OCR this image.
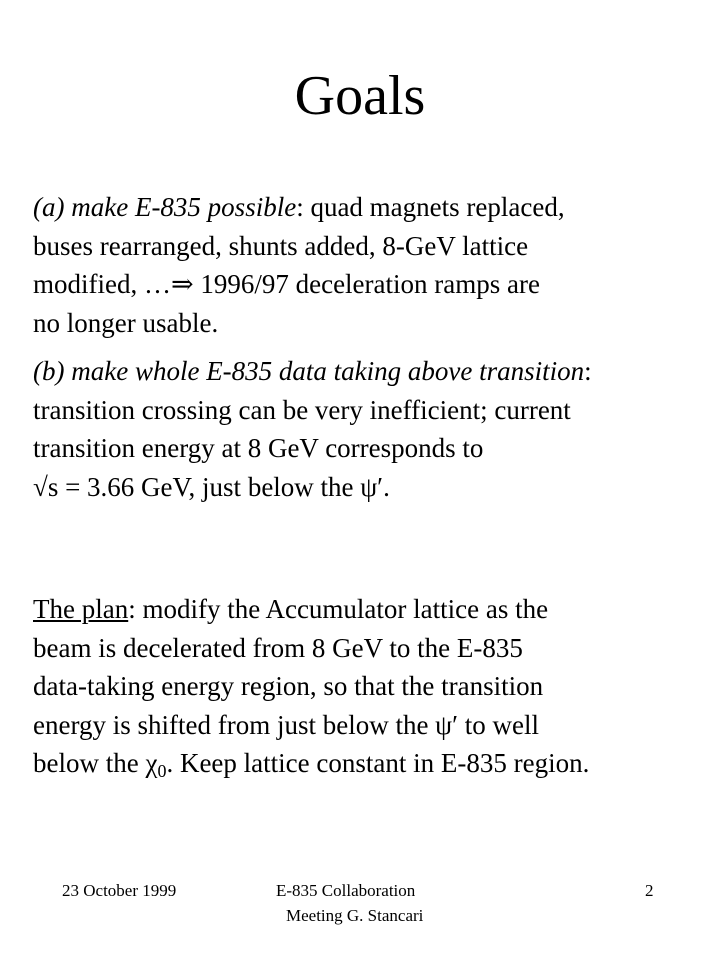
Goals

(a) make E-835 possible: quad magnets replaced,
buses rearranged, shunts added, 8-GeV lattice
modified, …⇒ 1996/97 deceleration ramps are
no longer usable.

(b) make whole E-835 data taking above transition:
transition crossing can be very inefficient; current
transition energy at 8 GeV corresponds to
√s = 3.66 GeV, just below the ψ′.

The plan: modify the Accumulator lattice as the
beam is decelerated from 8 GeV to the E-835
data-taking energy region, so that the transition
energy is shifted from just below the ψ′ to well
below the $\chi_0$. Keep lattice constant in E-835 region.

23 October 1999	E-835 Collaboration
Meeting G. Stancari
2
